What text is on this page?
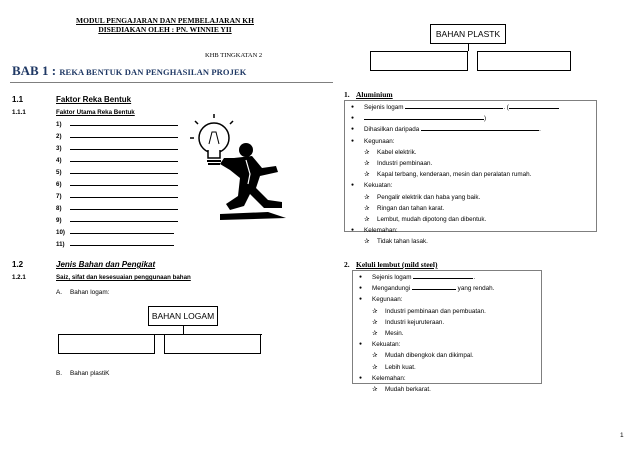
MODUL PENGAJARAN DAN PEMBELAJARAN KH
DISEDIAKAN OLEH : PN. WINNIE YII
KHB TINGKATAN 2
BAB 1 : REKA BENTUK DAN PENGHASILAN PROJEK
1.1	Faktor Reka Bentuk
1.1.1	Faktor Utama Reka Bentuk
1)
2)
3)
4)
5)
6)
7)
8)
9)
10)
11)
1.2	Jenis Bahan dan Pengikat
1.2.1	Saiz, sifat dan kesesuaian penggunaan bahan
A. Bahan logam:
BAHAN LOGAM
B. Bahan plastiK
BAHAN PLASTK
1. Aluminium
● Sejenis logam	. (
● )
● Dihasilkan daripada	.
● Kegunaan:
✰ Kabel elektrik.
✰ Industri pembinaan.
✰ Kapal terbang, kenderaan, mesin dan peralatan rumah.
● Kekuatan:
✰ Pengalir elektrik dan haba yang baik.
✰ Ringan dan tahan karat.
✰ Lembut, mudah dipotong dan dibentuk.
● Kelemahan:
✰ Tidak tahan lasak.
2. Keluli lembut (mild steel)
● Sejenis logam	.
● Mengandungi	yang rendah.
● Kegunaan:
✰ Industri pembinaan dan pembuatan.
✰ Industri kejuruteraan.
✰ Mesin.
● Kekuatan:
✰ Mudah dibengkok dan dikimpal.
✰ Lebih kuat.
● Kelemahan:
✰ Mudah berkarat.
1
